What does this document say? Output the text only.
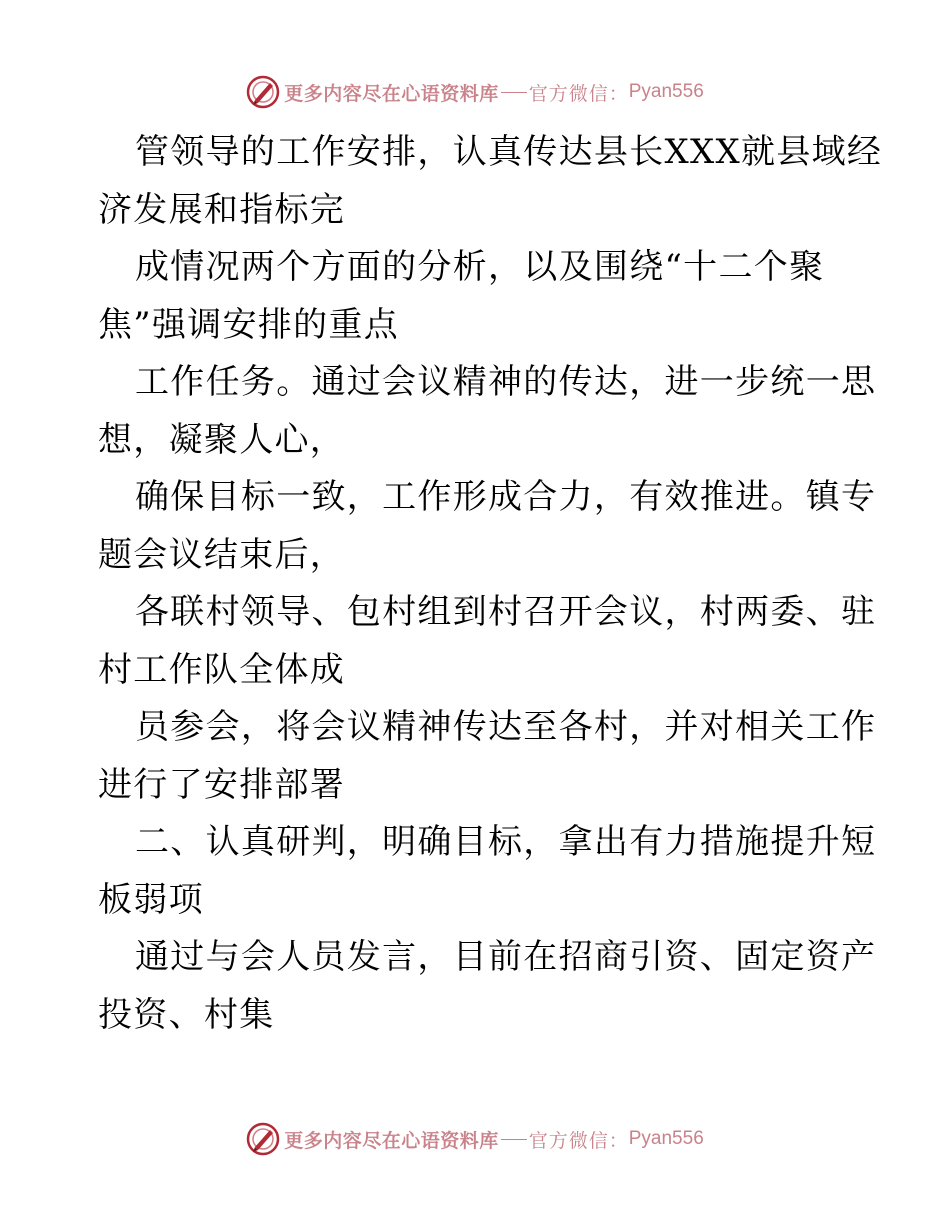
更多内容尽在心语资料库 官方微信： Pyan556

管领导的工作安排，认真传达县长XXX就县域经
济发展和指标完

成情况两个方面的分析，以及围绕“十二个聚
焦”强调安排的重点

工作任务。通过会议精神的传达，进一步统一思
想，凝聚人心，

确保目标一致，工作形成合力，有效推进。镇专
题会议结束后，

各联村领导、包村组到村召开会议，村两委、驻
村工作队全体成

员参会，将会议精神传达至各村，并对相关工作
进行了安排部署

二、认真研判，明确目标，拿出有力措施提升短
板弱项

通过与会人员发言，目前在招商引资、固定资产
投资、村集

更多内容尽在心语资料库 官方微信： Pyan556
